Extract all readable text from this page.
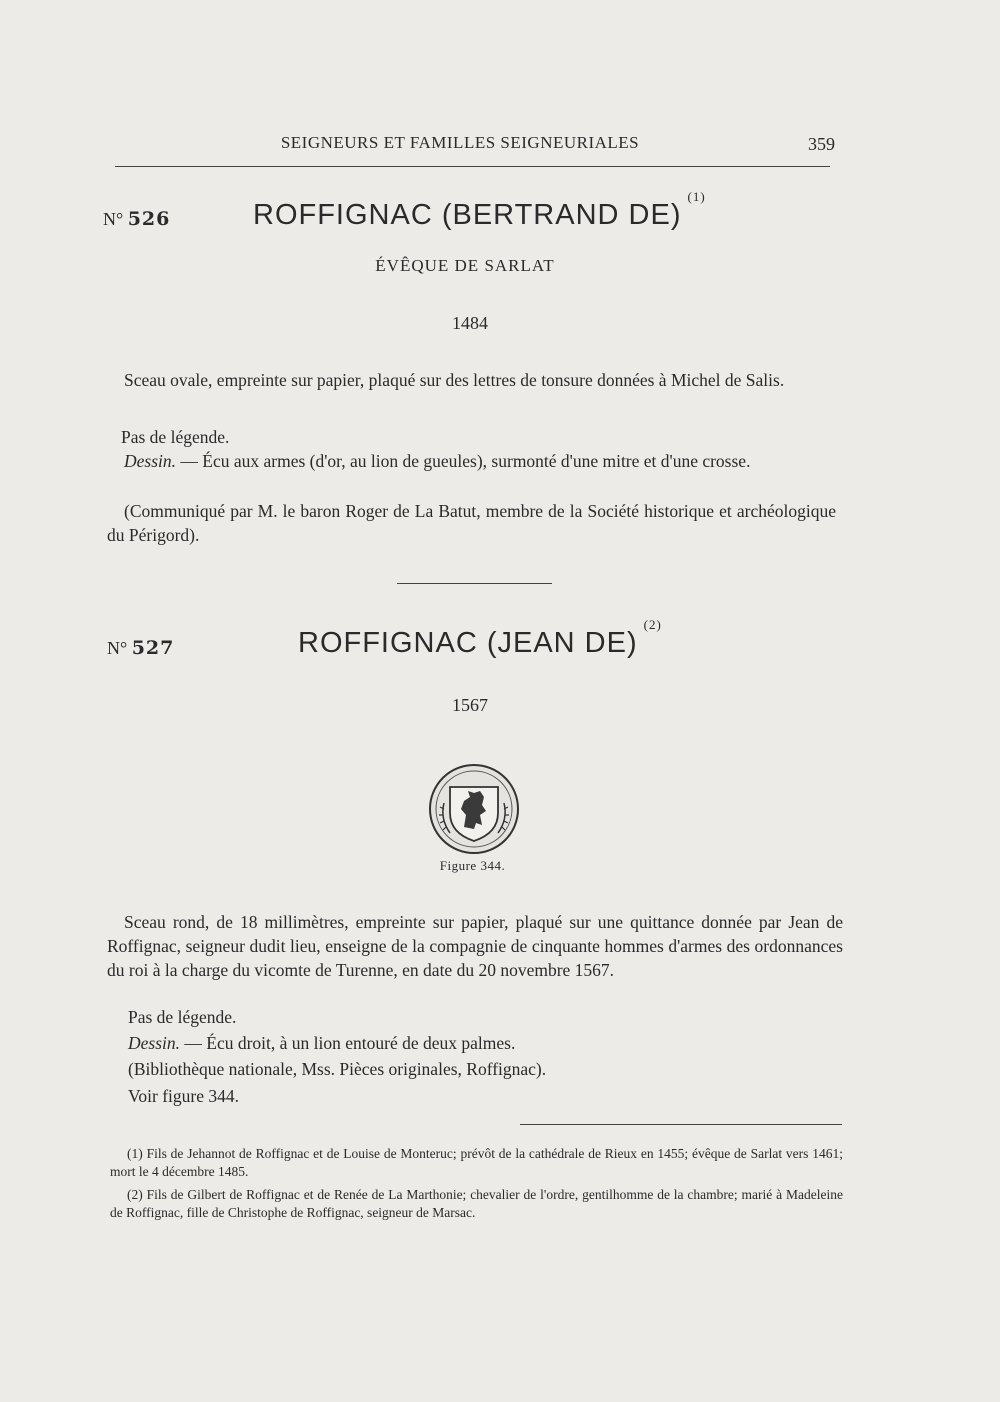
SEIGNEURS ET FAMILLES SEIGNEURIALES	359
N° 526	ROFFIGNAC (BERTRAND DE)$^{(1)}$
ÉVÊQUE DE SARLAT
1484
Sceau ovale, empreinte sur papier, plaqué sur des lettres de tonsure données à Michel de Salis.
Pas de légende.
Dessin. — Écu aux armes (d'or, au lion de gueules), surmonté d'une mitre et d'une crosse.
(Communiqué par M. le baron Roger de La Batut, membre de la Société historique et archéologique du Périgord).
N° 527	ROFFIGNAC (JEAN DE)$^{(2)}$
1567
Figure 344.
Sceau rond, de 18 millimètres, empreinte sur papier, plaqué sur une quittance donnée par Jean de Roffignac, seigneur dudit lieu, enseigne de la compagnie de cinquante hommes d'armes des ordonnances du roi à la charge du vicomte de Turenne, en date du 20 novembre 1567.
Pas de légende.
Dessin. — Écu droit, à un lion entouré de deux palmes.
(Bibliothèque nationale, Mss. Pièces originales, Roffignac).
Voir figure 344.
(1) Fils de Jehannot de Roffignac et de Louise de Monteruc; prévôt de la cathédrale de Rieux en 1455; évêque de Sarlat vers 1461; mort le 4 décembre 1485.
(2) Fils de Gilbert de Roffignac et de Renée de La Marthonie; chevalier de l'ordre, gentilhomme de la chambre; marié à Madeleine de Roffignac, fille de Christophe de Roffignac, seigneur de Marsac.
